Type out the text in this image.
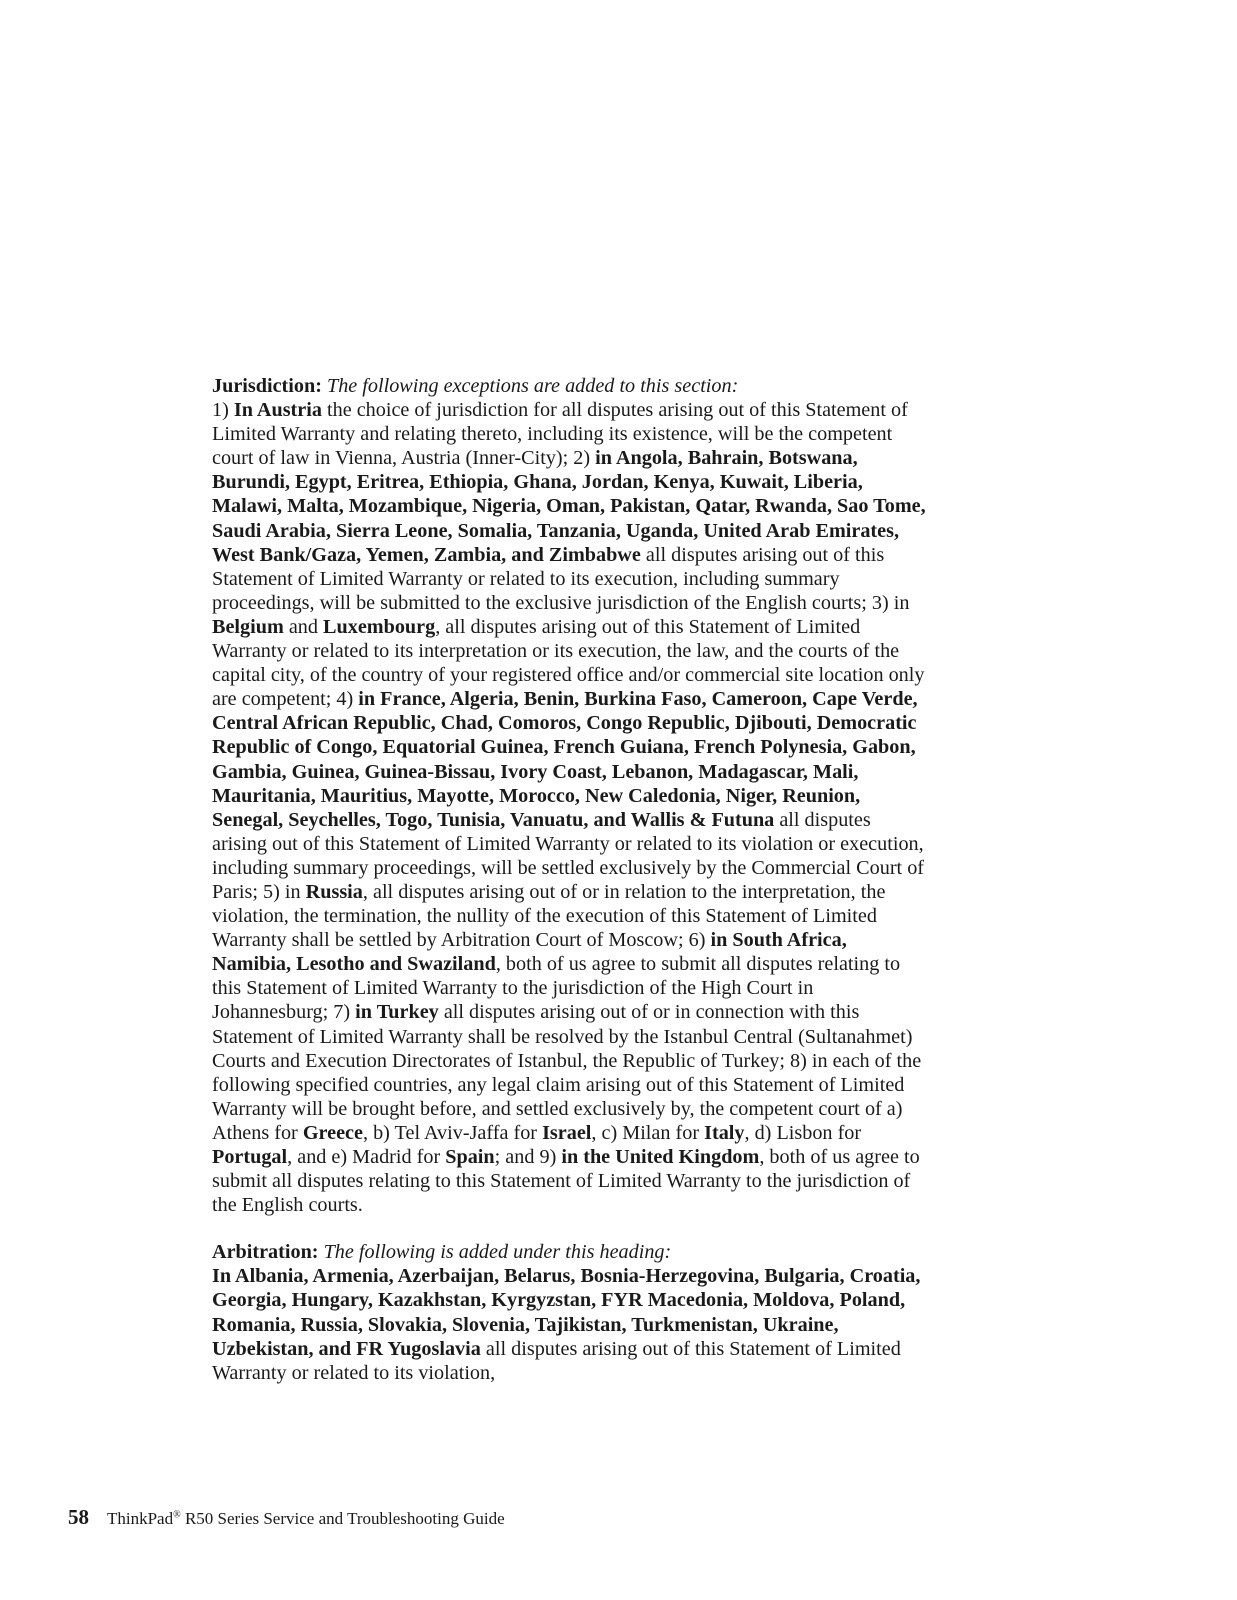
Jurisdiction: The following exceptions are added to this section:
1) In Austria the choice of jurisdiction for all disputes arising out of this Statement of Limited Warranty and relating thereto, including its existence, will be the competent court of law in Vienna, Austria (Inner-City); 2) in Angola, Bahrain, Botswana, Burundi, Egypt, Eritrea, Ethiopia, Ghana, Jordan, Kenya, Kuwait, Liberia, Malawi, Malta, Mozambique, Nigeria, Oman, Pakistan, Qatar, Rwanda, Sao Tome, Saudi Arabia, Sierra Leone, Somalia, Tanzania, Uganda, United Arab Emirates, West Bank/Gaza, Yemen, Zambia, and Zimbabwe all disputes arising out of this Statement of Limited Warranty or related to its execution, including summary proceedings, will be submitted to the exclusive jurisdiction of the English courts; 3) in Belgium and Luxembourg, all disputes arising out of this Statement of Limited Warranty or related to its interpretation or its execution, the law, and the courts of the capital city, of the country of your registered office and/or commercial site location only are competent; 4) in France, Algeria, Benin, Burkina Faso, Cameroon, Cape Verde, Central African Republic, Chad, Comoros, Congo Republic, Djibouti, Democratic Republic of Congo, Equatorial Guinea, French Guiana, French Polynesia, Gabon, Gambia, Guinea, Guinea-Bissau, Ivory Coast, Lebanon, Madagascar, Mali, Mauritania, Mauritius, Mayotte, Morocco, New Caledonia, Niger, Reunion, Senegal, Seychelles, Togo, Tunisia, Vanuatu, and Wallis & Futuna all disputes arising out of this Statement of Limited Warranty or related to its violation or execution, including summary proceedings, will be settled exclusively by the Commercial Court of Paris; 5) in Russia, all disputes arising out of or in relation to the interpretation, the violation, the termination, the nullity of the execution of this Statement of Limited Warranty shall be settled by Arbitration Court of Moscow; 6) in South Africa, Namibia, Lesotho and Swaziland, both of us agree to submit all disputes relating to this Statement of Limited Warranty to the jurisdiction of the High Court in Johannesburg; 7) in Turkey all disputes arising out of or in connection with this Statement of Limited Warranty shall be resolved by the Istanbul Central (Sultanahmet) Courts and Execution Directorates of Istanbul, the Republic of Turkey; 8) in each of the following specified countries, any legal claim arising out of this Statement of Limited Warranty will be brought before, and settled exclusively by, the competent court of a) Athens for Greece, b) Tel Aviv-Jaffa for Israel, c) Milan for Italy, d) Lisbon for Portugal, and e) Madrid for Spain; and 9) in the United Kingdom, both of us agree to submit all disputes relating to this Statement of Limited Warranty to the jurisdiction of the English courts.
Arbitration: The following is added under this heading:
In Albania, Armenia, Azerbaijan, Belarus, Bosnia-Herzegovina, Bulgaria, Croatia, Georgia, Hungary, Kazakhstan, Kyrgyzstan, FYR Macedonia, Moldova, Poland, Romania, Russia, Slovakia, Slovenia, Tajikistan, Turkmenistan, Ukraine, Uzbekistan, and FR Yugoslavia all disputes arising out of this Statement of Limited Warranty or related to its violation,
58 ThinkPad® R50 Series Service and Troubleshooting Guide
